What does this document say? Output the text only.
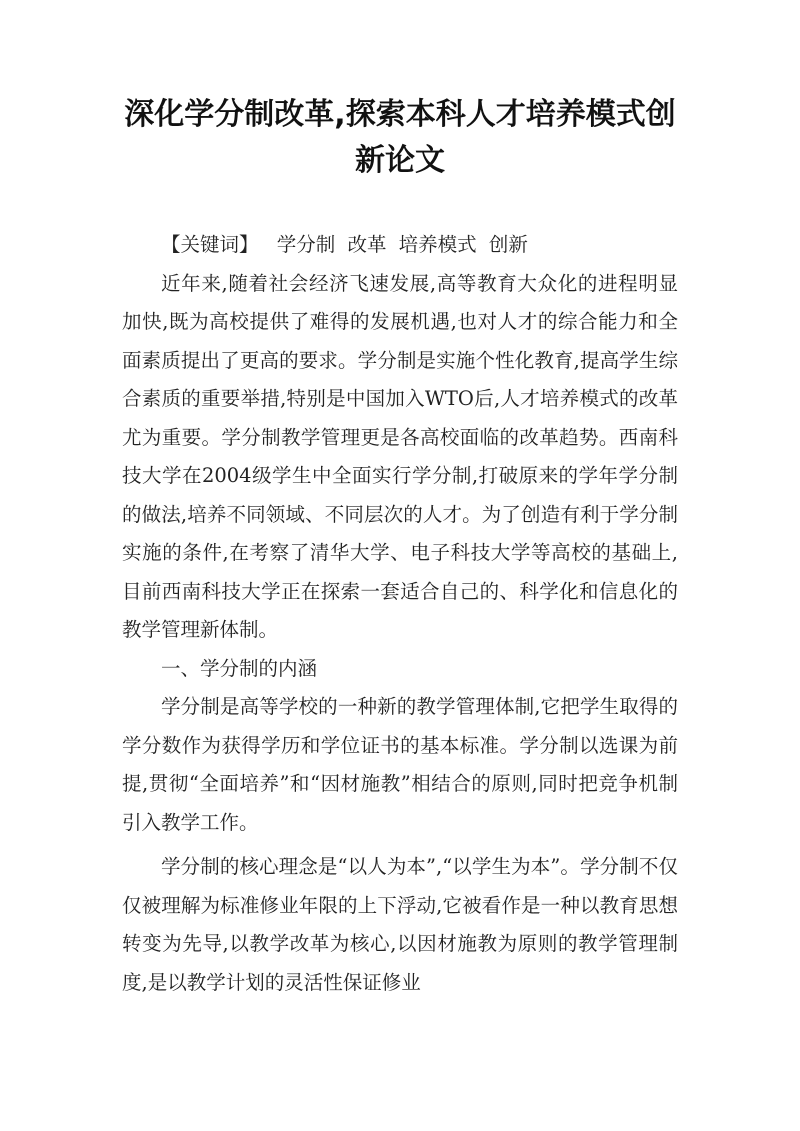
深化学分制改革,探索本科人才培养模式创
新论文

【关键词】 学分制 改革 培养模式 创新

近年来,随着社会经济飞速发展,高等教育大众化的进程明显加快,既为高校提供了难得的发展机遇,也对人才的综合能力和全面素质提出了更高的要求。学分制是实施个性化教育,提高学生综合素质的重要举措,特别是中国加入WTO后,人才培养模式的改革尤为重要。学分制教学管理更是各高校面临的改革趋势。西南科技大学在2004级学生中全面实行学分制,打破原来的学年学分制的做法,培养不同领域、不同层次的人才。为了创造有利于学分制实施的条件,在考察了清华大学、电子科技大学等高校的基础上,目前西南科技大学正在探索一套适合自己的、科学化和信息化的教学管理新体制。

一、学分制的内涵

学分制是高等学校的一种新的教学管理体制,它把学生取得的学分数作为获得学历和学位证书的基本标准。学分制以选课为前提,贯彻“全面培养”和“因材施教”相结合的原则,同时把竞争机制引入教学工作。

学分制的核心理念是“以人为本”,“以学生为本”。学分制不仅仅被理解为标准修业年限的上下浮动,它被看作是一种以教育思想转变为先导,以教学改革为核心,以因材施教为原则的教学管理制度,是以教学计划的灵活性保证修业
